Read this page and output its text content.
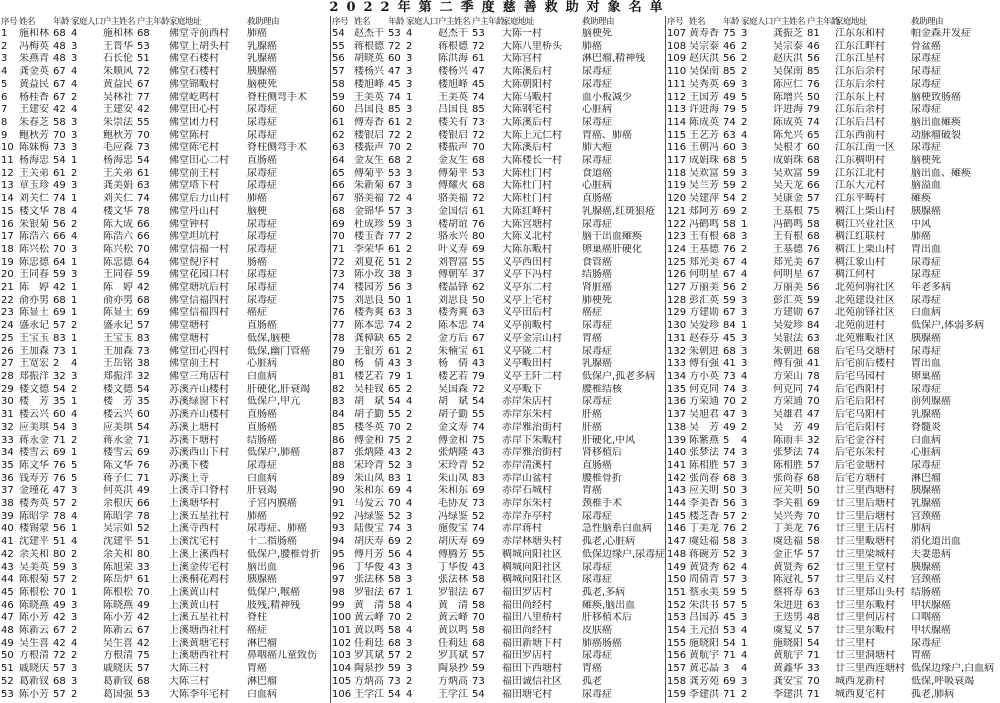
2022年第二季度慈善救助对象名单
序号	姓名	年龄	家庭人口	户主姓名	户主年龄	家庭地址	救助理由
1	施和林	68	4	施和林	68	佛堂寺前西村	肺癌
2	冯梅英	48	3	王晋华	53	佛堂上胡头村	乳腺癌
3	朱燕青	48	3	石长伦	51	佛堂石楼村	乳腺癌
4	龚金英	67	4	朱顺风	72	佛堂石楼村	胰腺癌
5	黄益民	67	4	黄益民	67	佛堂锦畈村	脑梗死
6	杨桂香	67	2	吴林社	77	佛堂屹鸣村	脊柱侧弯手术
7	王建安	42	4	王建安	42	佛堂田心村	尿毒症
8	朱春芝	58	3	朱崇法	55	佛堂团力村	尿毒症
9	鲍秋芳	70	3	鲍秋芳	70	佛堂陈村	尿毒症
10	陈妹梅	73	3	毛应森	73	佛堂陈宅村	脊柱侧弯手术
11	杨海忠	54	1	杨海忠	54	佛堂田心二村	直肠癌
12	王关弟	61	2	王关弟	61	佛堂前王村	尿毒症
13	章玉珍	49	3	龚美娟	63	佛堂塔下村	尿毒症
14	刘关仁	74	1	刘关仁	74	佛堂后力山村	肺癌
15	楼文华	78	4	楼文华	78	佛堂丹山村	脑梗
16	朱银菊	56	2	陈大成	66	佛堂钟村	尿毒症
17	陈浩六	66	4	陈浩六	66	佛堂坦坑村	尿毒症
18	陈兴松	70	3	陈兴松	70	佛堂信福一村	尿毒症
19	陈忠德	64	1	陈忠德	64	佛堂倪序村	肠癌
20	王同春	59	3	王同春	59	佛堂花园口村	尿毒症
21	陈　婷	42	1	陈　婷	42	佛堂塘坑后村	尿毒症
22	俞亦男	68	1	俞亦男	68	佛堂信福四村	尿毒症
23	陈显土	69	1	陈显土	69	佛堂信福四村	癌症
24	盛永记	57	2	盛永记	57	佛堂塘村	直肠癌
25	王宝玉	83	1	王宝玉	83	佛堂塘村	低保,脑梗
26	王加森	73	1	王加森	73	佛堂田心四村	低保,幽门管癌
27	王宽宏	2	4	王岳铭	38	佛堂前王村	心脏病
28	郑振洋	32	3	郑振洋	32	佛堂三角店村	白血病
29	楼文德	54	2	楼文德	54	苏溪卉山楼村	肝硬化,肝衰竭
30	楼　芳	35	1	楼　芳	35	苏溪绿窗下村	低保户,甲亢
31	楼云兴	60	4	楼云兴	60	苏溪卉山楼村	直肠癌
32	应美琪	54	3	应美琪	54	苏溪上塘村	直肠癌
33	蒋永金	71	2	蒋永金	71	苏溪下塘村	结肠癌
34	楼雪云	69	1	楼雪云	69	苏溪西山下村	低保户,肺癌
35	陈文华	76	5	陈文华	76	苏溪下楼	尿毒症
36	钱寿芳	76	5	蒋子仁	71	苏溪上寺	白血病
37	金瑾花	47	3	何英洪	49	上溪寺口脊村	肝衰竭
38	楼秀英	57	2	余根庆	66	上溪塘华村	子宫内膜癌
39	陈昭学	78	4	陈昭学	78	上溪五星社村	肺癌
40	楼锡蒙	56	1	吴宗如	52	上溪寺西村	尿毒症、肺癌
41	沈建平	51	4	沈建平	51	上溪沈宅村	十二指肠癌
42	余关和	80	2	余关和	80	上溪上溪西村	低保户,腰椎骨折
43	吴美英	59	3	陈旭荣	33	上溪金传宅村	脑出血
44	陈根菊	57	2	陈岳炉	61	上溪桐花鸡村	胰腺癌
45	陈根松	70	1	陈根松	70	上溪黄山村	低保户,喉癌
46	陈晓燕	49	3	陈晓燕	49	上溪黄山村	肢残,精神残
47	陈小芳	42	3	陈小芳	42	上溪五星社村	脊柱
48	陈新云	67	2	陈新云	67	上溪塘西社村	癌症
49	吴生喜	42	4	吴生喜	42	上溪黄塘宅村	淋巴瘤
50	方根清	72	2	方根清	75	上溪塘西社村	鼻咽癌儿童致伤
51	戚晓庆	57	3	戚晓庆	57	大陈三村	胃癌
52	葛新钗	68	3	葛新钗	68	大陈三村	淋巴瘤
53	陈小芳	57	2	葛国强	53	大陈李年宅村	白血病
序号	姓名	年龄	家庭人口	户主姓名	户主年龄	家庭地址	救助理由
54	赵杰干	53	4	赵杰干	53	大陈一村	脑梗死
55	蒋根德	72	2	蒋根德	72	大陈八里桥头	肺癌
56	胡晓英	60	3	陈洪海	61	大陈宫村	淋巴瘤,精神残
57	楼杨兴	47	3	楼杨兴	47	大陈溪后村	尿毒症
58	楼旭峰	45	3	楼旭峰	45	大陈朝阳村	尿毒症
59	王美英	74	1	王美英	74	大陈马畈村	血小板减少
60	吕国良	85	3	吕国良	85	大陈钢宅村	心脏病
61	傅寿香	61	2	楼关有	73	大陈溪后村	尿毒症
62	楼银启	72	2	楼银启	72	大陈上元仁村	胃癌、肺癌
63	楼振声	70	2	楼振声	70	大陈溪后村	肺大疱
64	金友生	68	2	金友生	68	大陈楼长一村	尿毒症
65	傅菊平	53	3	傅菊平	53	大陈杜门村	食道癌
66	朱新菊	67	3	傅耀火	68	大陈杜门村	心脏病
67	骆美福	72	4	骆美福	72	大陈杜门村	直肠癌
68	金锦华	57	3	金国信	61	大陈红峰村	乳腺癌,红斑狼疮
69	杜成珍	59	3	楼胡谊	76	大陈宫塘村	尿毒症
70	楼玉香	77	2	骆永兴	80	大陈义北村	脑干出血瘫痪
71	李荣华	61	2	叶义寿	69	大陈东畈村	卵巢癌肝硬化
72	刘夏花	51	2	刘智富	55	义亭西田村	食管癌
73	陈小玫	38	3	傅朝军	37	义亭下冯村	结肠癌
74	楼园芳	56	3	楼晶锋	62	义亭东二村	肾脏癌
75	刘思良	50	1	刘思良	50	义亭上宅村	肺梗死
76	楼秀爽	63	3	楼秀爽	63	义亭田后村	癌症
77	陈本忠	74	2	陈本忠	74	义亭前畈村	尿毒症
78	龚樟缺	65	2	金方后	67	义亭金宗山村	胃癌
79	王银芳	61	2	朱楠宝	61	义亭陇二村	尿毒症
80	杨　倩	43	3	杨　倩	43	义亭畈田村	乳腺癌
81	楼艺若	79	1	楼艺若	79	义亭王阡二村	低保户,孤老多病
82	吴桂钗	65	2	吴国森	72	义亭畈下	腰椎结核
83	胡　斌	54	4	胡　斌	54	赤岸朱店村	尿毒症
84	胡子勤	55	2	胡子勤	55	赤岸东朱村	肝癌
85	楼冬英	70	2	金文寿	74	赤岸雅治街村	肝癌
86	傅金和	75	2	傅金和	75	赤岸下朱畈村	肝硬化,中风
87	张炳隆	43	2	张炳隆	43	赤岸雅治街村	肾移植后
88	宋玲青	52	3	宋玲青	52	赤岸清溪村	直肠癌
89	朱山凤	83	1	朱山凤	83	赤岸山盆村	腰椎骨折
90	朱和东	69	4	朱和东	69	赤岸石城村	胃癌
91	马爱云	70	4	毛协友	73	赤岸东朱村	颈椎手术
92	冯绿鉴	52	3	冯绿鉴	52	赤岸乔亭村	尿毒症
93	陆俊宝	74	3	施俊宝	74	赤岸蒋村	急性脑系白血病
94	胡庆寿	69	2	胡庆寿	69	赤岸林塘头村	孤老,心脏病
95	傅月芳	56	4	傅腾芳	55	稠城向阳社区	低保边缘户,尿毒症
96	丁华俊	43	3	丁华俊	43	稠城向阳社区	尿毒症
97	张法林	58	3	张法林	58	稠城向阳社区	尿毒症
98	罗银法	67	1	罗银法	67	福田罗店村	孤老,多病
99	黄　清	58	4	黄　清	58	福田尚经村	瘫痪,脑出血
100	黄云峰	70	2	黄云峰	70	福田八里桥村	肝移植术后
101	黄以鸣	58	4	黄以鸣	58	福田尚经村	皮肤癌
102	任莉廷	68	3	任莉廷	68	福田新塘下村	肺癌肠癌
103	罗其斌	57	2	罗其斌	57	福田罗店村	尿毒症
104	陶泉抄	59	3	陶泉抄	59	福田下西塘村	胃癌
105	方炳高	73	2	方炳高	73	福田诚信社区	孤老
106	王学江	54	4	王学江	54	福田塘宅村	尿毒症
序号	姓名	年龄	家庭人口	户主姓名	户主年龄	家庭地址	救助理由
107	黄寿香	75	3	龚振芝	81	江东东和村	帕金森并发症
108	吴宗泰	46	2	吴宗泰	46	江东江畔村	骨盆癌
109	赵庆洪	56	2	赵庆洪	56	江东江星村	尿毒症
110	吴保南	85	2	吴保南	85	江东后余村	尿毒症
111	吴秀英	69	3	陈应仁	76	江东后余村	尿毒症
112	王国芳	49	5	陈增兴	50	江东东上村	脑梗致肠癌
113	许进海	79	5	许进海	79	江东后余村	尿毒症
114	陈成英	74	2	陈成英	74	江东后吕村	脑出血瘫痪
115	王艺芳	63	4	陈允兴	65	江东西前村	动脉瘤破裂
116	王朝冯	60	3	吴根才	60	江东江南一区	尿毒症
117	成娟珠	68	5	成娟珠	68	江东稠明村	脑梗死
118	吴欢富	59	3	吴欢富	59	江东江北村	脑出血、瘫痪
119	吴兰芳	59	2	吴天龙	66	江东大元村	脑溢血
120	吴建萍	54	2	吴康金	57	江东平畴村	瘫痪
121	郑阿芳	69	2	王基根	75	稠江上柴山村	胰腺癌
122	冯鹤鸣	58	1	冯鹤鸣	58	稠江兴业社区	中风
123	王有根	68	3	王有根	68	稠江红联村	肺癌
124	王基德	76	2	王基德	76	稠江上栗山村	胃出血
125	郑光美	67	4	郑光美	67	稠江象山村	尿毒症
126	何明星	67	4	何明星	67	稠江何村	尿毒症
127	万丽美	56	2	万丽美	56	北苑何驹社区	年老多病
128	彭汇英	59	3	彭汇英	59	北苑建设社区	尿毒症
129	方建勋	67	3	方建勋	67	北苑前锋社区	白血病
130	吴爱珍	84	1	吴爱珍	84	北苑前进村	低保户,体弱多病
131	赵春芬	45	3	吴银法	63	北苑雅畈社区	胰腺癌
132	朱朝进	68	3	朱朝进	68	后宅乌交塘村	尿毒症
133	傅有强	41	3	傅有强	41	后宅前后楼村	胃出血
134	方小英	73	4	方荣山	78	后宅乌园村	卵巢癌
135	何克同	74	3	何克同	74	后宅西阳村	尿毒症
136	方荣通	70	2	方荣通	70	后宅后阳村	前列腺癌
137	吴旭君	47	3	吴雄君	47	后宅乌阳村	乳腺癌
138	吴　芳	49	2	吴　芳	49	后宅后阳村	脊髓炎
139	陈紫燕	5	4	陈雨丰	32	后宅金谷村	白血病
140	张梦法	74	3	张梦法	74	后宅东朱村	心脏病
141	陈相胜	57	3	陈相胜	57	后宅金塘村	尿毒症
142	张尚春	68	3	张尚春	68	后宅方塘村	淋巴瘤
143	应关明	50	3	应关明	50	廿三里西塘村	胰腺癌
144	李美香	56	3	李关祖	69	廿三里后塘村	乳腺癌
145	楼芝香	57	2	吴兴秀	70	廿三里后塘村	宫颈癌
146	丁美龙	76	2	丁美龙	76	廿三里王店村	肺病
147	虞廷福	58	3	虞廷福	58	廿三里畈塘村	消化道出血
148	蒋碗芳	52	3	金正华	57	廿三里梁城村	夫妻患病
149	黄贤秀	62	4	黄贤秀	62	廿三里王堂村	胰腺癌
150	周倩青	57	3	陈冠礼	57	廿三里后义村	宫颈癌
151	蔡永美	59	5	蔡将寿	63	廿三里郑山头村	结肠癌
152	朱洪书	57	5	朱进进	63	廿三里东畈村	甲状腺癌
153	吕国苏	45	3	王迭男	48	廿三里何店村	口咽癌
154	王元招	53	4	虞复义	57	廿三里东畈村	甲状腺癌
155	施晓阳	54	1	施晓阳	54	廿三里村	尿毒症
156	黄航宇	71	4	黄航宇	71	廿三里洞塘村	胃癌
157	黄芯晶	3	4	黄鑫华	33	廿三里西连塘村	低保边缘户,白血病
158	龚芳苑	69	3	龚安宝	70	城西龙新村	低保,呼吸衰竭
159	李建洪	71	2	李建洪	71	城西夏宅村	孤老,肺病
